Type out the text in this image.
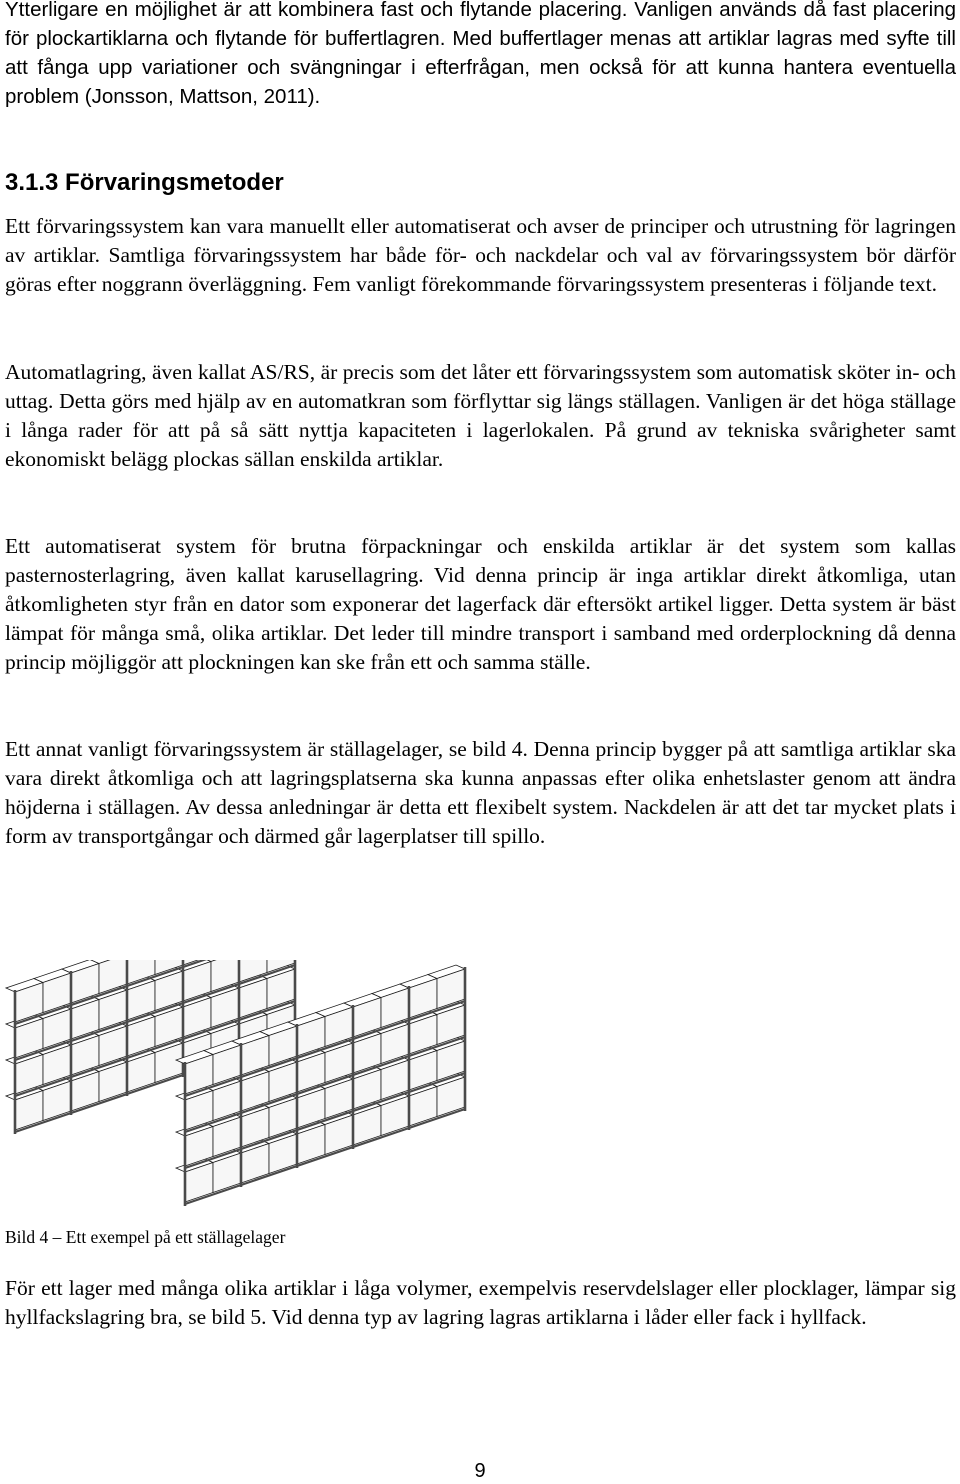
Ytterligare en möjlighet är att kombinera fast och flytande placering. Vanligen används då fast placering för plockartiklarna och flytande för buffertlagren. Med buffertlager menas att artiklar lagras med syfte till att fånga upp variationer och svängningar i efterfrågan, men också för att kunna hantera eventuella problem (Jonsson, Mattson, 2011).

3.1.3 Förvaringsmetoder

Ett förvaringssystem kan vara manuellt eller automatiserat och avser de principer och utrustning för lagringen av artiklar. Samtliga förvaringssystem har både för- och nackdelar och val av förvaringssystem bör därför göras efter noggrann överläggning. Fem vanligt förekommande förvaringssystem presenteras i följande text.

Automatlagring, även kallat AS/RS, är precis som det låter ett förvaringssystem som automatisk sköter in- och uttag. Detta görs med hjälp av en automatkran som förflyttar sig längs ställagen. Vanligen är det höga ställage i långa rader för att på så sätt nyttja kapaciteten i lagerlokalen. På grund av tekniska svårigheter samt ekonomiskt belägg plockas sällan enskilda artiklar.

Ett automatiserat system för brutna förpackningar och enskilda artiklar är det system som kallas pasternosterlagring, även kallat karusellagring. Vid denna princip är inga artiklar direkt åtkomliga, utan åtkomligheten styr från en dator som exponerar det lagerfack där eftersökt artikel ligger. Detta system är bäst lämpat för många små, olika artiklar. Det leder till mindre transport i samband med orderplockning då denna princip möjliggör att plockningen kan ske från ett och samma ställe.

Ett annat vanligt förvaringssystem är ställagelager, se bild 4. Denna princip bygger på att samtliga artiklar ska vara direkt åtkomliga och att lagringsplatserna ska kunna anpassas efter olika enhetslaster genom att ändra höjderna i ställagen. Av dessa anledningar är detta ett flexibelt system. Nackdelen är att det tar mycket plats i form av transportgångar och därmed går lagerplatser till spillo.

Bild 4 – Ett exempel på ett ställagelager

För ett lager med många olika artiklar i låga volymer, exempelvis reservdelslager eller plocklager, lämpar sig hyllfackslagring bra, se bild 5. Vid denna typ av lagring lagras artiklarna i låder eller fack i hyllfack.

9
